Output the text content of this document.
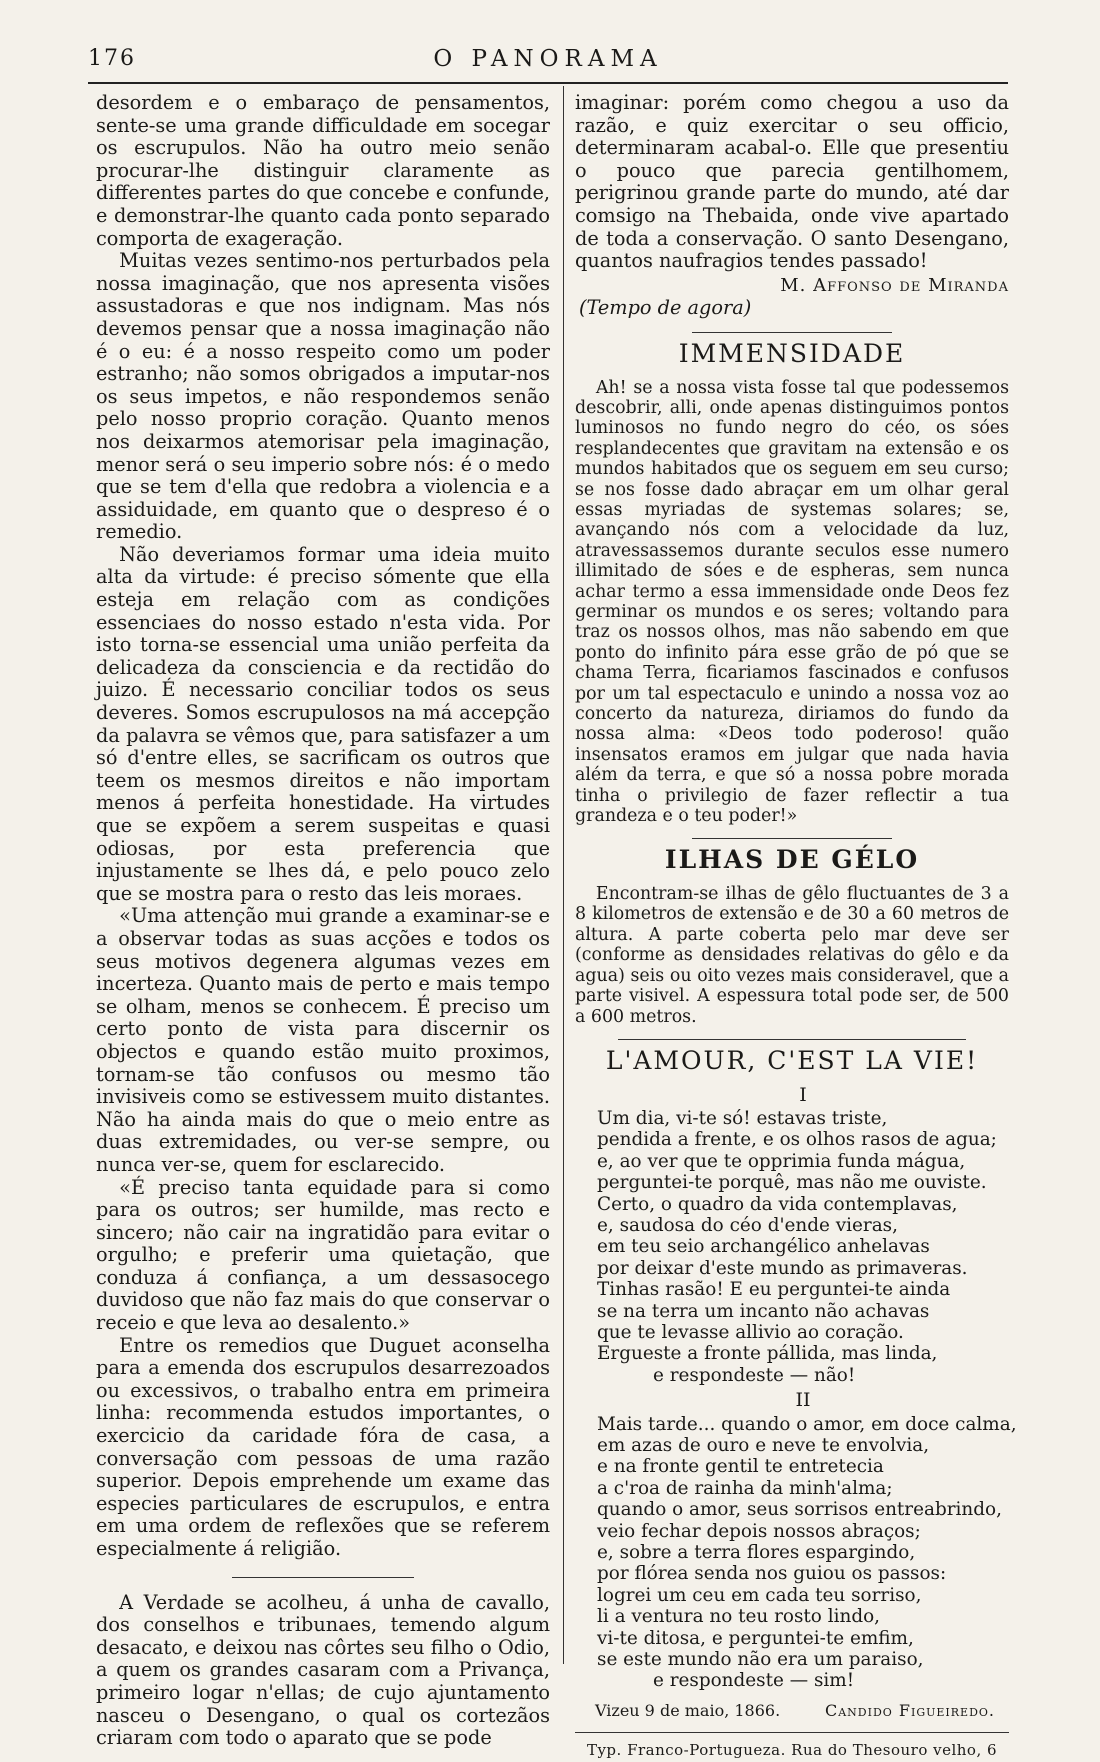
176	O PANORAMA

desordem e o embaraço de pensamentos, sente-se uma grande difficuldade em socegar os escrupulos. Não ha outro meio senão procurar-lhe distinguir claramente as differentes partes do que concebe e confunde, e demonstrar-lhe quanto cada ponto separado comporta de exageração.

Muitas vezes sentimo-nos perturbados pela nossa imaginação, que nos apresenta visões assustadoras e que nos indignam. Mas nós devemos pensar que a nossa imaginação não é o eu: é a nosso respeito como um poder estranho; não somos obrigados a imputar-nos os seus impetos, e não respondemos senão pelo nosso proprio coração. Quanto menos nos deixarmos atemorisar pela imaginação, menor será o seu imperio sobre nós: é o medo que se tem d'ella que redobra a violencia e a assiduidade, em quanto que o despreso é o remedio.

Não deveriamos formar uma ideia muito alta da virtude: é preciso sómente que ella esteja em relação com as condições essenciaes do nosso estado n'esta vida. Por isto torna-se essencial uma união perfeita da delicadeza da consciencia e da rectidão do juizo. É necessario conciliar todos os seus deveres. Somos escrupulosos na má accepção da palavra se vêmos que, para satisfazer a um só d'entre elles, se sacrificam os outros que teem os mesmos direitos e não importam menos á perfeita honestidade. Ha virtudes que se expõem a serem suspeitas e quasi odiosas, por esta preferencia que injustamente se lhes dá, e pelo pouco zelo que se mostra para o resto das leis moraes.

«Uma attenção mui grande a examinar-se e a observar todas as suas acções e todos os seus motivos degenera algumas vezes em incerteza. Quanto mais de perto e mais tempo se olham, menos se conhecem. É preciso um certo ponto de vista para discernir os objectos e quando estão muito proximos, tornam-se tão confusos ou mesmo tão invisiveis como se estivessem muito distantes. Não ha ainda mais do que o meio entre as duas extremidades, ou ver-se sempre, ou nunca ver-se, quem for esclarecido.

«É preciso tanta equidade para si como para os outros; ser humilde, mas recto e sincero; não cair na ingratidão para evitar o orgulho; e preferir uma quietação, que conduza á confiança, a um dessasocego duvidoso que não faz mais do que conservar o receio e que leva ao desalento.»

Entre os remedios que Duguet aconselha para a emenda dos escrupulos desarrezoados ou excessivos, o trabalho entra em primeira linha: recommenda estudos importantes, o exercicio da caridade fóra de casa, a conversação com pessoas de uma razão superior. Depois emprehende um exame das especies particulares de escrupulos, e entra em uma ordem de reflexões que se referem especialmente á religião.

A Verdade se acolheu, á unha de cavallo, dos conselhos e tribunaes, temendo algum desacato, e deixou nas côrtes seu filho o Odio, a quem os grandes casaram com a Privança, primeiro logar n'ellas; de cujo ajuntamento nasceu o Desengano, o qual os cortezãos criaram com todo o aparato que se pode

imaginar: porém como chegou a uso da razão, e quiz exercitar o seu officio, determinaram acabal-o. Elle que presentiu o pouco que parecia gentilhomem, perigrinou grande parte do mundo, até dar comsigo na Thebaida, onde vive apartado de toda a conservação. O santo Desengano, quantos naufragios tendes passado!

M. Affonso de Miranda
(Tempo de agora)
IMMENSIDADE

Ah! se a nossa vista fosse tal que podessemos descobrir, alli, onde apenas distinguimos pontos luminosos no fundo negro do céo, os sóes resplandecentes que gravitam na extensão e os mundos habitados que os seguem em seu curso; se nos fosse dado abraçar em um olhar geral essas myriadas de systemas solares; se, avançando nós com a velocidade da luz, atravessassemos durante seculos esse numero illimitado de sóes e de espheras, sem nunca achar termo a essa immensidade onde Deos fez germinar os mundos e os seres; voltando para traz os nossos olhos, mas não sabendo em que ponto do infinito pára esse grão de pó que se chama Terra, ficariamos fascinados e confusos por um tal espectaculo e unindo a nossa voz ao concerto da natureza, diriamos do fundo da nossa alma: «Deos todo poderoso! quão insensatos eramos em julgar que nada havia além da terra, e que só a nossa pobre morada tinha o privilegio de fazer reflectir a tua grandeza e o teu poder!»

ILHAS DE GÉLO

Encontram-se ilhas de gêlo fluctuantes de 3 a 8 kilometros de extensão e de 30 a 60 metros de altura. A parte coberta pelo mar deve ser (conforme as densidades relativas do gêlo e da agua) seis ou oito vezes mais consideravel, que a parte visivel. A espessura total pode ser, de 500 a 600 metros.

L'AMOUR, C'EST LA VIE!
I
Um dia, vi-te só! estavas triste,
pendida a frente, e os olhos rasos de agua;
e, ao ver que te opprimia funda mágua,
perguntei-te porquê, mas não me ouviste.
Certo, o quadro da vida contemplavas,
e, saudosa do céo d'ende vieras,
em teu seio archangélico anhelavas
por deixar d'este mundo as primaveras.
Tinhas rasão! E eu perguntei-te ainda
se na terra um incanto não achavas
que te levasse allivio ao coração.
Ergueste a fronte pállida, mas linda,
e respondeste — não!
II
Mais tarde... quando o amor, em doce calma,
em azas de ouro e neve te envolvia,
e na fronte gentil te entretecia
a c'roa de rainha da minh'alma;
quando o amor, seus sorrisos entreabrindo,
veio fechar depois nossos abraços;
e, sobre a terra flores espargindo,
por flórea senda nos guiou os passos:
logrei um ceu em cada teu sorriso,
li a ventura no teu rosto lindo,
vi-te ditosa, e perguntei-te emfim,
se este mundo não era um paraiso,
e respondeste — sim!
Vizeu 9 de maio, 1866.	Candido Figueiredo.
Typ. Franco-Portugueza. Rua do Thesouro velho, 6
